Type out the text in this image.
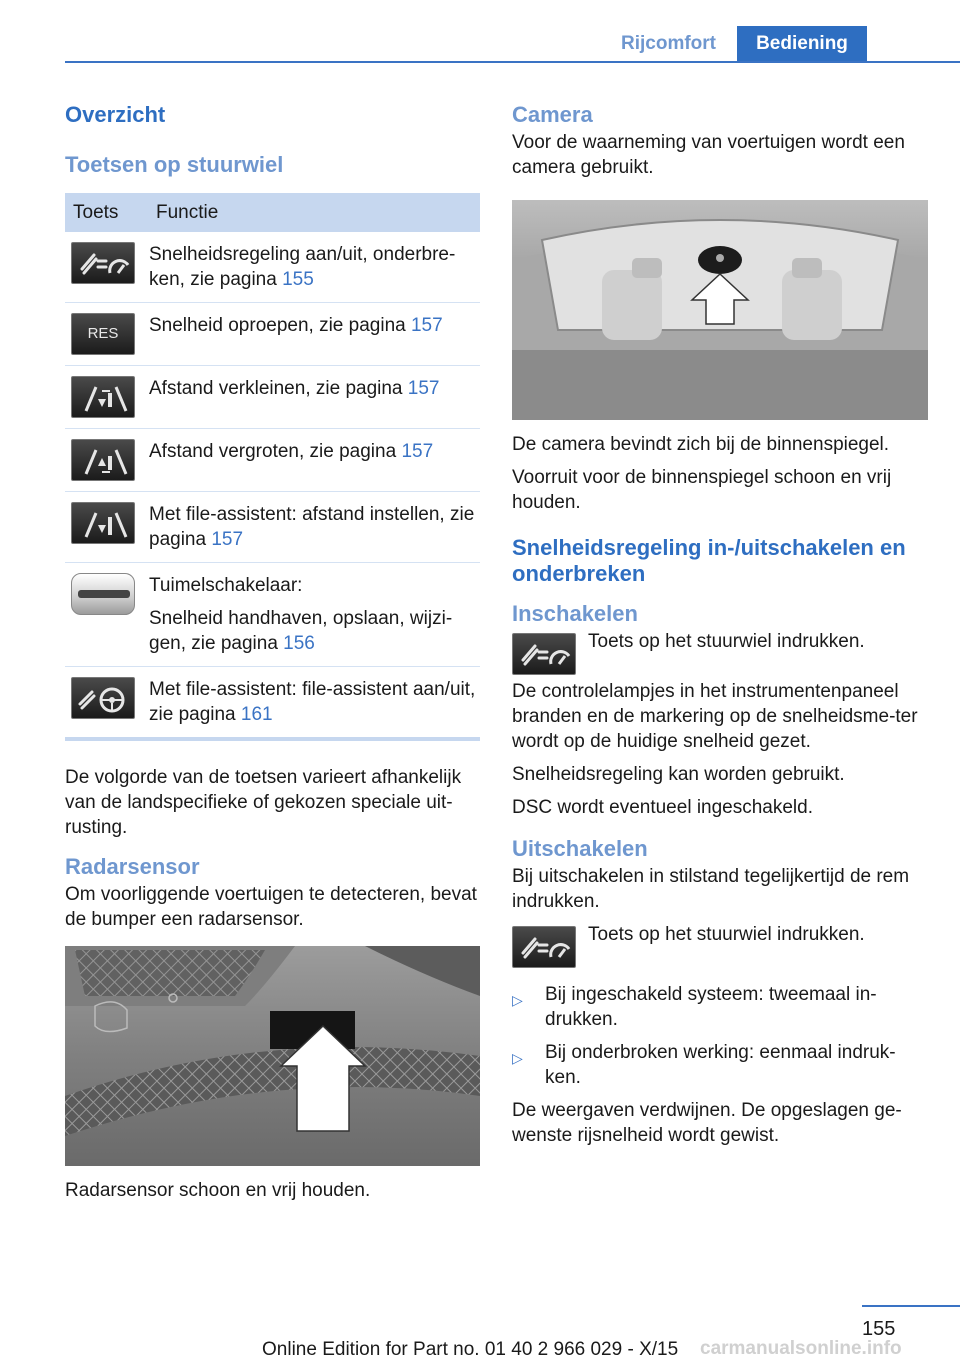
Rijcomfort	Bediening
Overzicht
Toetsen op stuurwiel
Toets	Functie

	Snelheidsregeling aan/uit, onderbre-ken, zie pagina 155

RES	Snelheid oproepen, zie pagina 157

	Afstand verkleinen, zie pagina 157

	Afstand vergroten, zie pagina 157

	Met file-assistent: afstand instellen, zie pagina 157

Tuimelschakelaar:

Snelheid handhaven, opslaan, wijzi-gen, zie pagina 156

	Met file-assistent: file-assistent aan/uit, zie pagina 161

De volgorde van de toetsen varieert afhankelijk van de landspecifieke of gekozen speciale uit-rusting.

Radarsensor

Om voorliggende voertuigen te detecteren, bevat de bumper een radarsensor.

Radarsensor schoon en vrij houden.

Camera

Voor de waarneming van voertuigen wordt een camera gebruikt.

De camera bevindt zich bij de binnenspiegel.

Voorruit voor de binnenspiegel schoon en vrij houden.

Snelheidsregeling in-/uitschakelen en onderbreken
Inschakelen

Toets op het stuurwiel indrukken.

De controlelampjes in het instrumentenpaneel branden en de markering op de snelheidsme-ter wordt op de huidige snelheid gezet.

Snelheidsregeling kan worden gebruikt.

DSC wordt eventueel ingeschakeld.

Uitschakelen

Bij uitschakelen in stilstand tegelijkertijd de rem indrukken.

Toets op het stuurwiel indrukken.

▷ Bij ingeschakeld systeem: tweemaal in-drukken.
▷ Bij onderbroken werking: eenmaal indruk-ken.

De weergaven verdwijnen. De opgeslagen ge-wenste rijsnelheid wordt gewist.

155
Online Edition for Part no. 01 40 2 966 029 - X/15 carmanualsonline.info
